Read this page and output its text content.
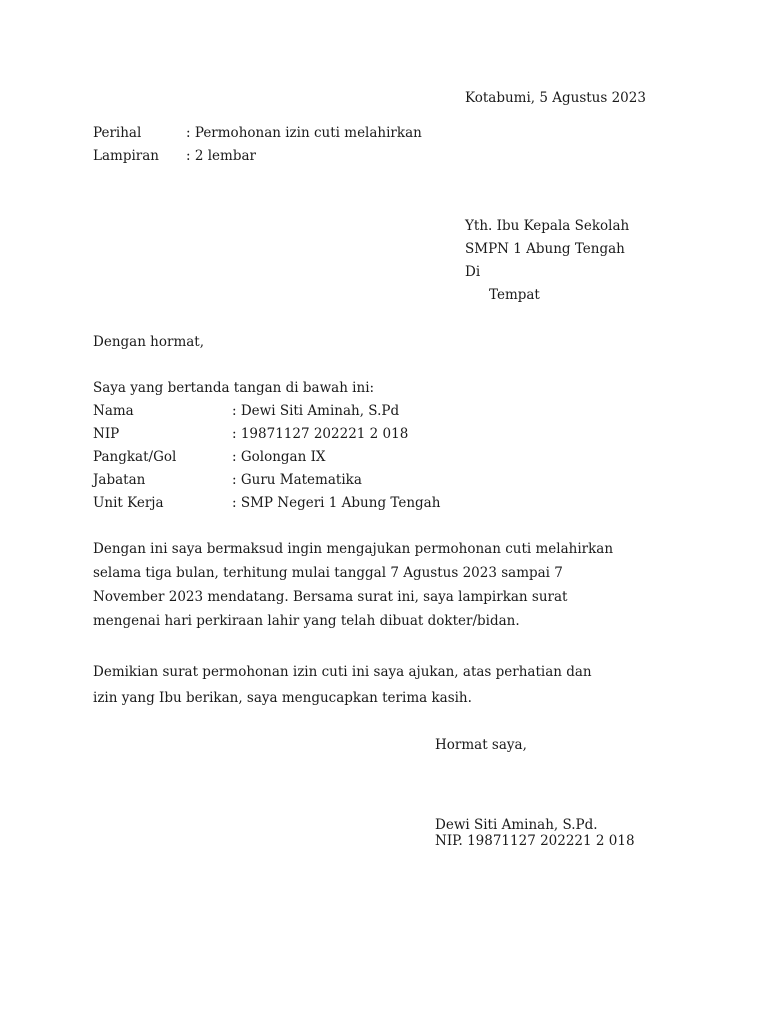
Kotabumi, 5 Agustus 2023
Perihal	: Permohonan izin cuti melahirkan
Lampiran : 2 lembar
Yth. Ibu Kepala Sekolah
SMPN 1 Abung Tengah
Di
Tempat
Dengan hormat,
Saya yang bertanda tangan di bawah ini:
Nama	: Dewi Siti Aminah, S.Pd
NIP	: 19871127 202221 2 018
Pangkat/Gol	: Golongan IX
Jabatan	: Guru Matematika
Unit Kerja	: SMP Negeri 1 Abung Tengah
Dengan ini saya bermaksud ingin mengajukan permohonan cuti melahirkan
selama tiga bulan, terhitung mulai tanggal 7 Agustus 2023 sampai 7
November 2023 mendatang. Bersama surat ini, saya lampirkan surat
mengenai hari perkiraan lahir yang telah dibuat dokter/bidan.
Demikian surat permohonan izin cuti ini saya ajukan, atas perhatian dan
izin yang Ibu berikan, saya mengucapkan terima kasih.
Hormat saya,
Dewi Siti Aminah, S.Pd.
NIP. 19871127 202221 2 018
